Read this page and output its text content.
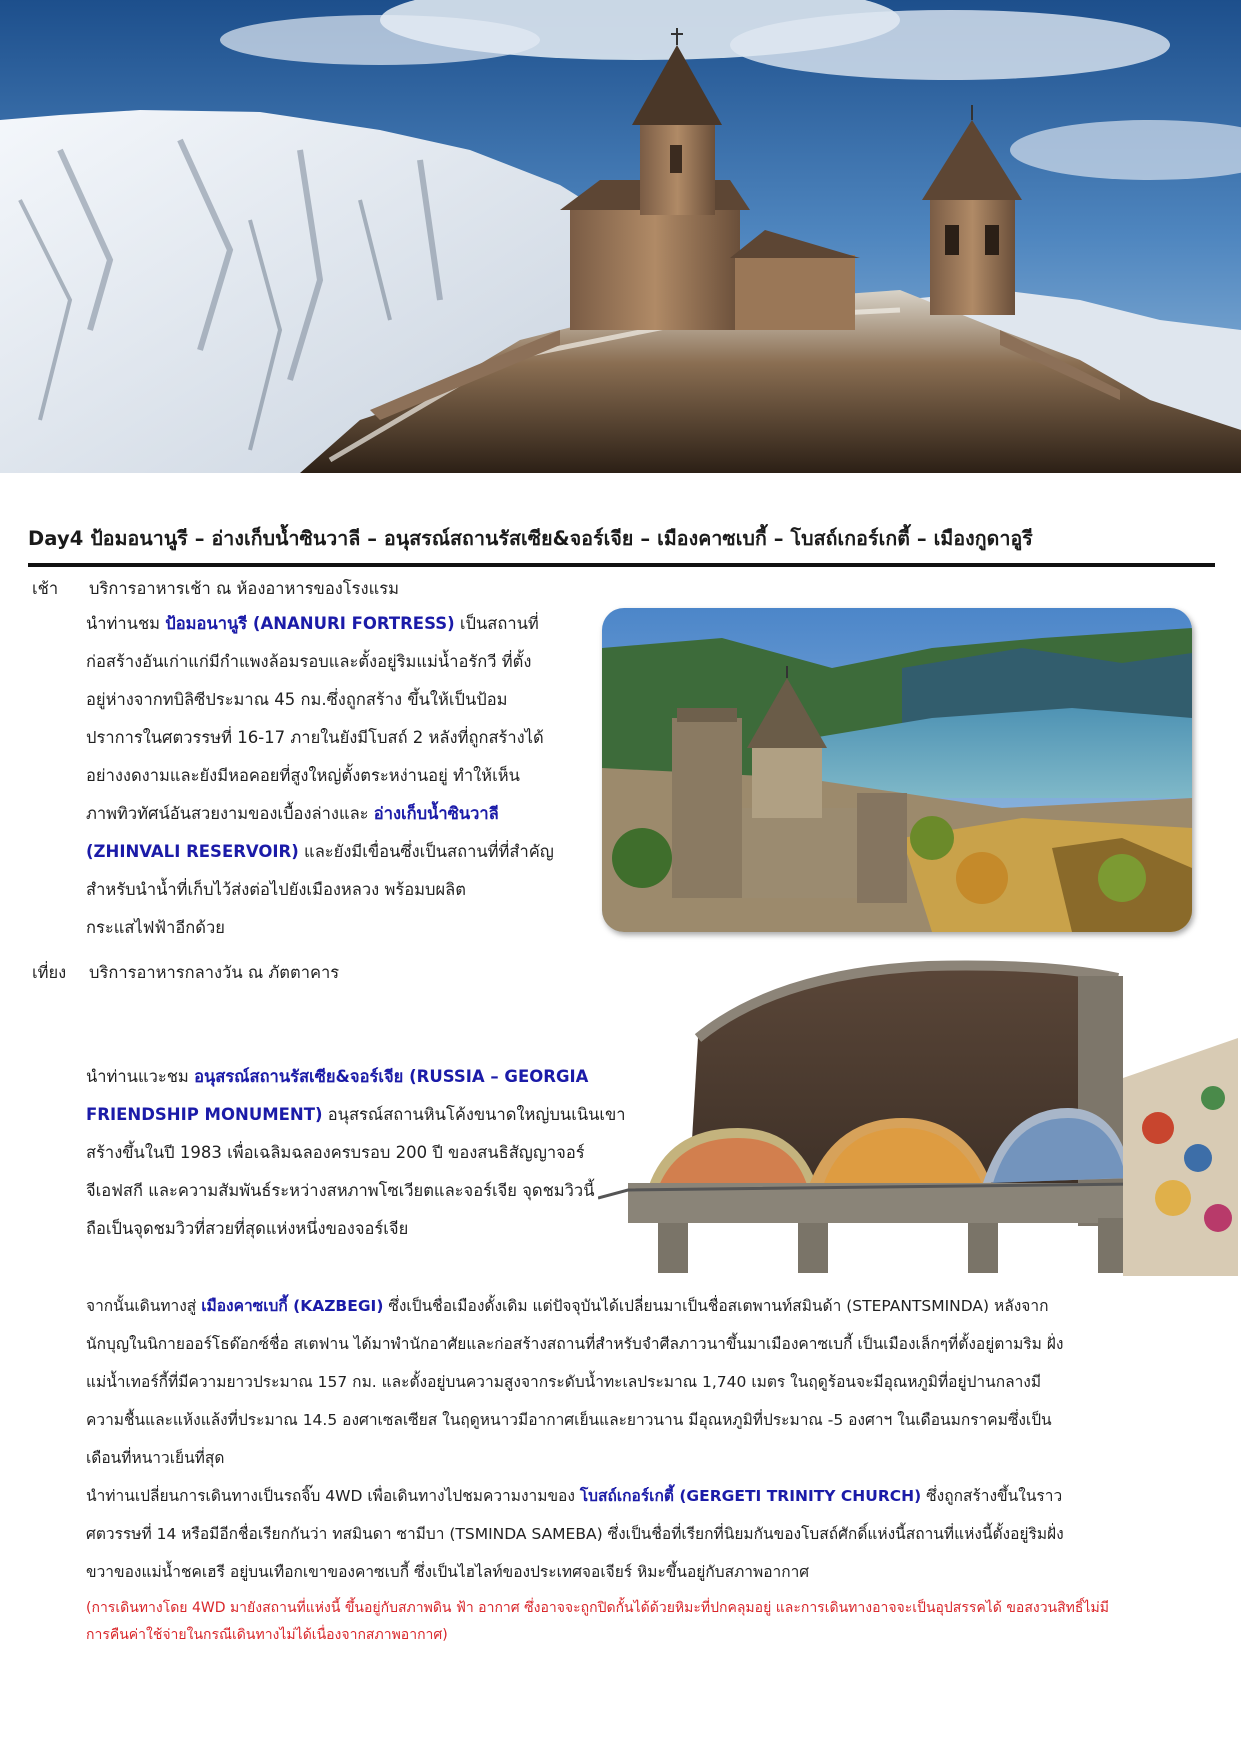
Day4 ป้อมอนานูรี – อ่างเก็บน้ำซินวาลี – อนุสรณ์สถานรัสเซีย&จอร์เจีย – เมืองคาซเบกี้ – โบสถ์เกอร์เกตี้ – เมืองกูดาอูรี
เช้า บริการอาหารเช้า ณ ห้องอาหารของโรงแรม
นำท่านชม ป้อมอนานูรี (ANANURI FORTRESS) เป็นสถานที่
ก่อสร้างอันเก่าแก่มีกำแพงล้อมรอบและตั้งอยู่ริมแม่น้ำอรักวี ที่ตั้ง
อยู่ห่างจากทบิลิซีประมาณ 45 กม.ซึ่งถูกสร้าง ขึ้นให้เป็นป้อม
ปราการในศตวรรษที่ 16-17 ภายในยังมีโบสถ์ 2 หลังที่ถูกสร้างได้
อย่างงดงามและยังมีหอคอยที่สูงใหญ่ตั้งตระหง่านอยู่ ทำให้เห็น
ภาพทิวทัศน์อันสวยงามของเบื้องล่างและ อ่างเก็บน้ำซินวาลี
(ZHINVALI RESERVOIR) และยังมีเขื่อนซึ่งเป็นสถานที่ที่สำคัญ
สำหรับนำน้ำที่เก็บไว้ส่งต่อไปยังเมืองหลวง พร้อมบผลิต
กระแสไฟฟ้าอีกด้วย
เที่ยง บริการอาหารกลางวัน ณ ภัตตาคาร
นำท่านแวะชม อนุสรณ์สถานรัสเซีย&จอร์เจีย (RUSSIA – GEORGIA
FRIENDSHIP MONUMENT) อนุสรณ์สถานหินโค้งขนาดใหญ่บนเนินเขา
สร้างขึ้นในปี 1983 เพื่อเฉลิมฉลองครบรอบ 200 ปี ของสนธิสัญญาจอร์
จีเอฟสกี และความสัมพันธ์ระหว่างสหภาพโซเวียตและจอร์เจีย จุดชมวิวนี้
ถือเป็นจุดชมวิวที่สวยที่สุดแห่งหนึ่งของจอร์เจีย
จากนั้นเดินทางสู่ เมืองคาซเบกี้ (KAZBEGI) ซึ่งเป็นชื่อเมืองดั้งเดิม แต่ปัจจุบันได้เปลี่ยนมาเป็นชื่อสเตพานท์สมินด้า (STEPANTSMINDA) หลังจาก
นักบุญในนิกายออร์โธด๊อกซ์ชื่อ สเตฟาน ได้มาพำนักอาศัยและก่อสร้างสถานที่สำหรับจำศีลภาวนาขึ้นมาเมืองคาซเบกี้ เป็นเมืองเล็กๆที่ตั้งอยู่ตามริม ฝั่ง
แม่น้ำเทอร์กี้ที่มีความยาวประมาณ 157 กม. และตั้งอยู่บนความสูงจากระดับน้ำทะเลประมาณ 1,740 เมตร ในฤดูร้อนจะมีอุณหภูมิที่อยู่ปานกลางมี
ความชื้นและแห้งแล้งที่ประมาณ 14.5 องศาเซลเซียส ในฤดูหนาวมีอากาศเย็นและยาวนาน มีอุณหภูมิที่ประมาณ -5 องศาฯ ในเดือนมกราคมซึ่งเป็น
เดือนที่หนาวเย็นที่สุด
นำท่านเปลี่ยนการเดินทางเป็นรถจิ๊บ 4WD เพื่อเดินทางไปชมความงามของ โบสถ์เกอร์เกตี้ (GERGETI TRINITY CHURCH) ซึ่งถูกสร้างขึ้นในราว
ศตวรรษที่ 14 หรือมีอีกชื่อเรียกกันว่า ทสมินดา ซามีบา (TSMINDA SAMEBA) ซึ่งเป็นชื่อที่เรียกที่นิยมกันของโบสถ์ศักดิ์แห่งนี้สถานที่แห่งนี้ตั้งอยู่ริมฝั่ง
ขวาของแม่น้ำชคเฮรี อยู่บนเทือกเขาของคาซเบกี้ ซึ่งเป็นไฮไลท์ของประเทศจอเจียร์ หิมะขึ้นอยู่กับสภาพอากาศ
(การเดินทางโดย 4WD มายังสถานที่แห่งนี้ ขึ้นอยู่กับสภาพดิน ฟ้า อากาศ ซึ่งอาจจะถูกปิดกั้นได้ด้วยหิมะที่ปกคลุมอยู่ และการเดินทางอาจจะเป็นอุปสรรคได้ ขอสงวนสิทธิ์ไม่มี
การคืนค่าใช้จ่ายในกรณีเดินทางไม่ได้เนื่องจากสภาพอากาศ)
